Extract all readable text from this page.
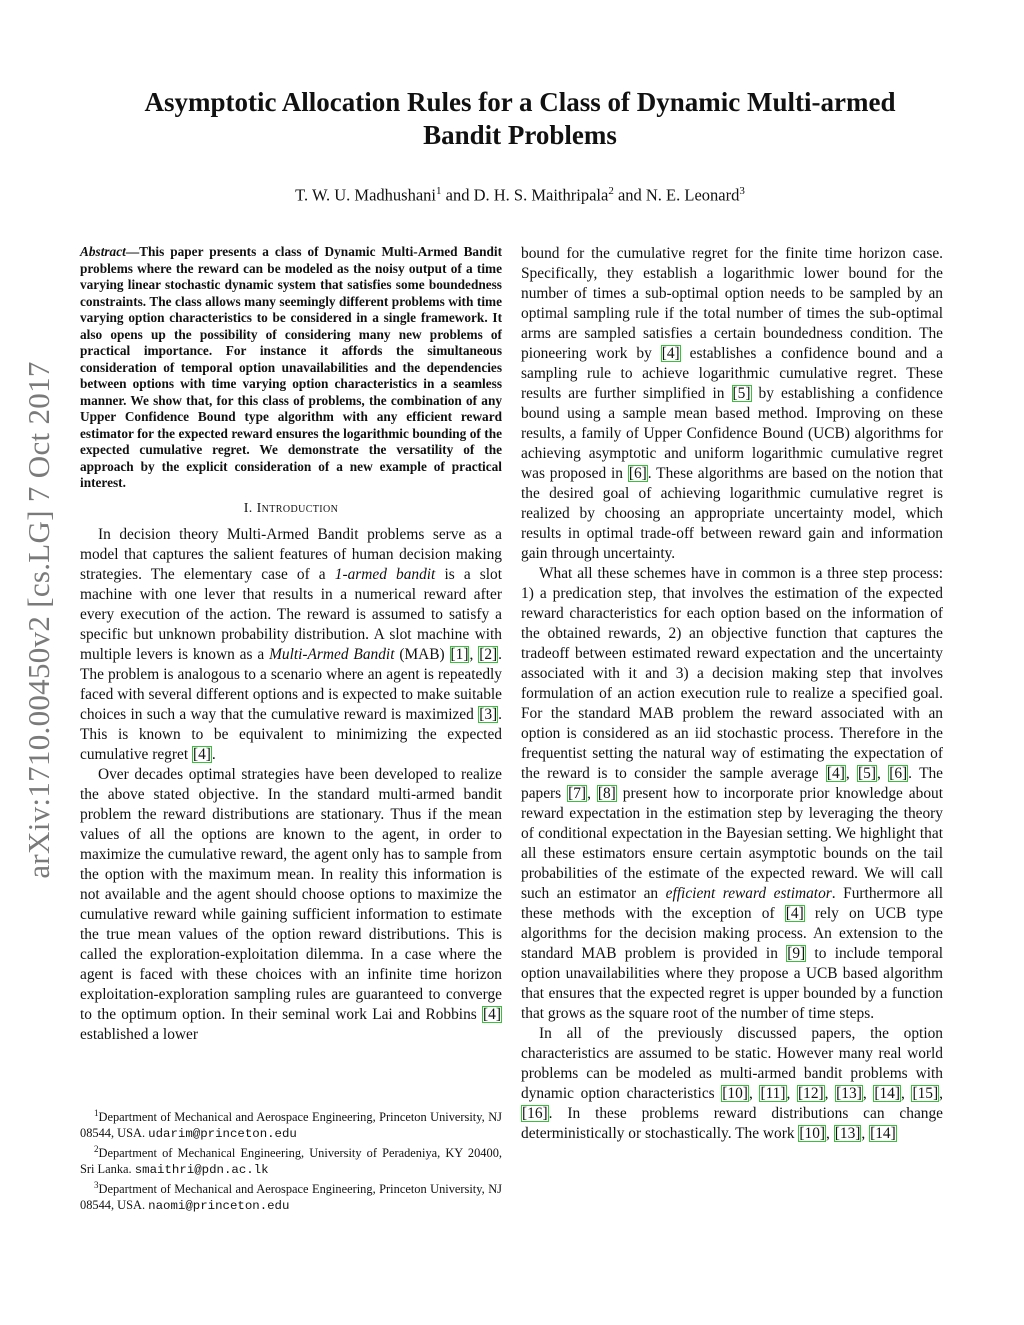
arXiv:1710.00450v2 [cs.LG] 7 Oct 2017
Asymptotic Allocation Rules for a Class of Dynamic Multi-armed
Bandit Problems
T. W. U. Madhushani$^1$ and D. H. S. Maithripala$^2$ and N. E. Leonard$^3$

Abstract—This paper presents a class of Dynamic Multi-Armed Bandit problems where the reward can be modeled as the noisy output of a time varying linear stochastic dynamic system that satisfies some boundedness constraints. The class allows many seemingly different problems with time varying option characteristics to be considered in a single framework. It also opens up the possibility of considering many new problems of practical importance. For instance it affords the simultaneous consideration of temporal option unavailabilities and the dependencies between options with time varying option characteristics in a seamless manner. We show that, for this class of problems, the combination of any Upper Confidence Bound type algorithm with any efficient reward estimator for the expected reward ensures the logarithmic bounding of the expected cumulative regret. We demonstrate the versatility of the approach by the explicit consideration of a new example of practical interest.

I. Introduction

In decision theory Multi-Armed Bandit problems serve as a model that captures the salient features of human decision making strategies. The elementary case of a 1-armed bandit is a slot machine with one lever that results in a numerical reward after every execution of the action. The reward is assumed to satisfy a specific but unknown probability distribution. A slot machine with multiple levers is known as a Multi-Armed Bandit (MAB) [1], [2]. The problem is analogous to a scenario where an agent is repeatedly faced with several different options and is expected to make suitable choices in such a way that the cumulative reward is maximized [3]. This is known to be equivalent to minimizing the expected cumulative regret [4].

Over decades optimal strategies have been developed to realize the above stated objective. In the standard multi-armed bandit problem the reward distributions are stationary. Thus if the mean values of all the options are known to the agent, in order to maximize the cumulative reward, the agent only has to sample from the option with the maximum mean. In reality this information is not available and the agent should choose options to maximize the cumulative reward while gaining sufficient information to estimate the true mean values of the option reward distributions. This is called the exploration-exploitation dilemma. In a case where the agent is faced with these choices with an infinite time horizon exploitation-exploration sampling rules are guaranteed to converge to the optimum option. In their seminal work Lai and Robbins [4] established a lower

$^1$Department of Mechanical and Aerospace Engineering, Princeton University, NJ 08544, USA. udarim@princeton.edu

$^2$Department of Mechanical Engineering, University of Peradeniya, KY 20400, Sri Lanka. smaithri@pdn.ac.lk

$^3$Department of Mechanical and Aerospace Engineering, Princeton University, NJ 08544, USA. naomi@princeton.edu

bound for the cumulative regret for the finite time horizon case. Specifically, they establish a logarithmic lower bound for the number of times a sub-optimal option needs to be sampled by an optimal sampling rule if the total number of times the sub-optimal arms are sampled satisfies a certain boundedness condition. The pioneering work by [4] establishes a confidence bound and a sampling rule to achieve logarithmic cumulative regret. These results are further simplified in [5] by establishing a confidence bound using a sample mean based method. Improving on these results, a family of Upper Confidence Bound (UCB) algorithms for achieving asymptotic and uniform logarithmic cumulative regret was proposed in [6]. These algorithms are based on the notion that the desired goal of achieving logarithmic cumulative regret is realized by choosing an appropriate uncertainty model, which results in optimal trade-off between reward gain and information gain through uncertainty.

What all these schemes have in common is a three step process: 1) a predication step, that involves the estimation of the expected reward characteristics for each option based on the information of the obtained rewards, 2) an objective function that captures the tradeoff between estimated reward expectation and the uncertainty associated with it and 3) a decision making step that involves formulation of an action execution rule to realize a specified goal. For the standard MAB problem the reward associated with an option is considered as an iid stochastic process. Therefore in the frequentist setting the natural way of estimating the expectation of the reward is to consider the sample average [4], [5], [6]. The papers [7], [8] present how to incorporate prior knowledge about reward expectation in the estimation step by leveraging the theory of conditional expectation in the Bayesian setting. We highlight that all these estimators ensure certain asymptotic bounds on the tail probabilities of the estimate of the expected reward. We will call such an estimator an efficient reward estimator. Furthermore all these methods with the exception of [4] rely on UCB type algorithms for the decision making process. An extension to the standard MAB problem is provided in [9] to include temporal option unavailabilities where they propose a UCB based algorithm that ensures that the expected regret is upper bounded by a function that grows as the square root of the number of time steps.

In all of the previously discussed papers, the option characteristics are assumed to be static. However many real world problems can be modeled as multi-armed bandit problems with dynamic option characteristics [10], [11], [12], [13], [14], [15], [16]. In these problems reward distributions can change deterministically or stochastically. The work [10], [13], [14]
